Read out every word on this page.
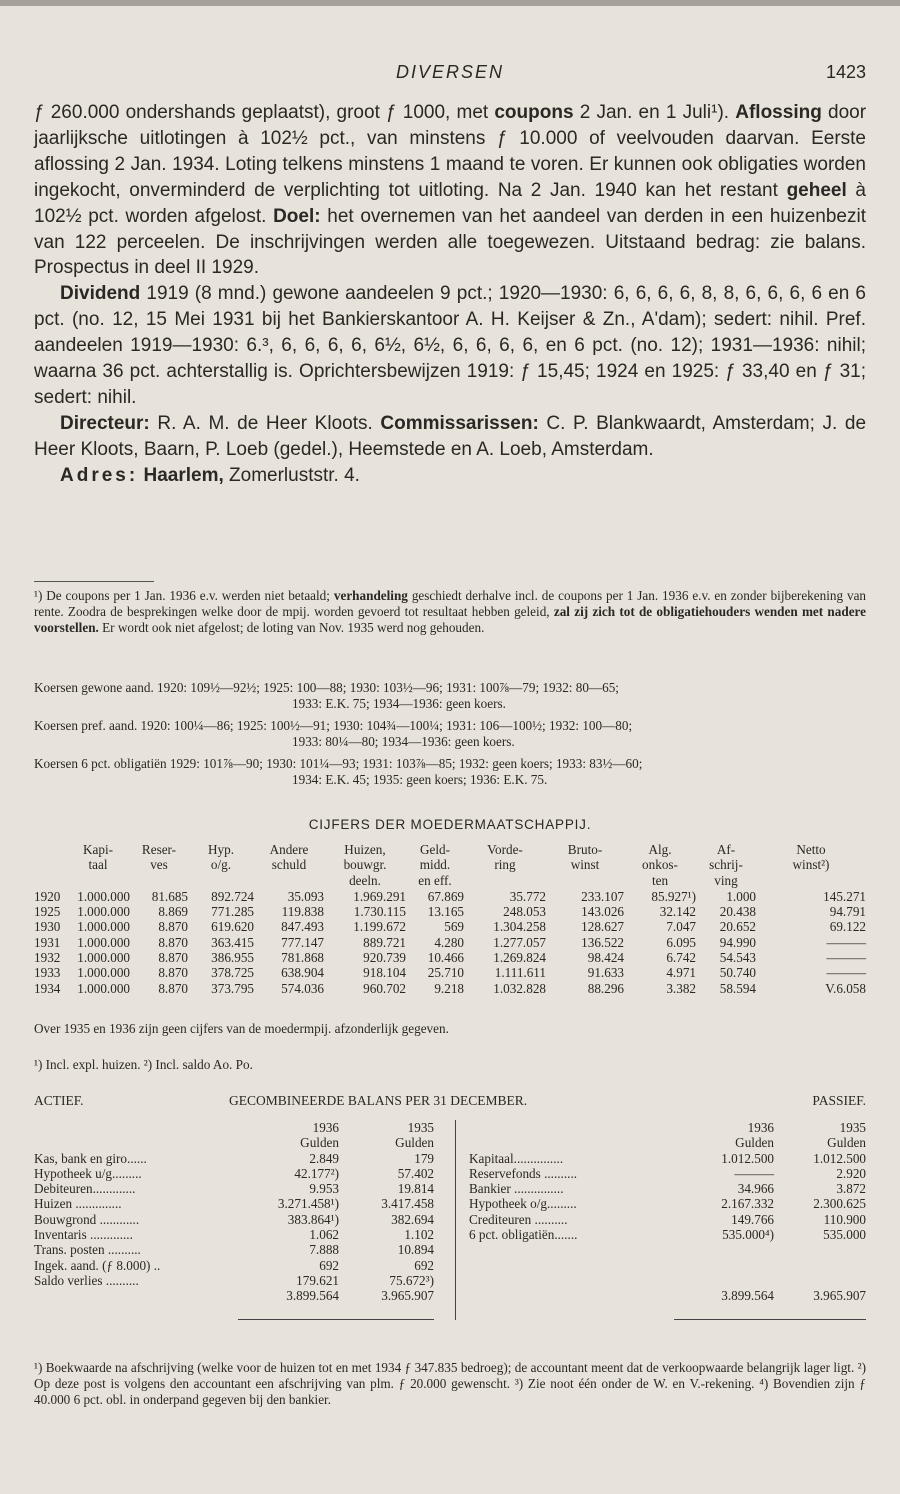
DIVERSEN	1423

ƒ 260.000 ondershands geplaatst), groot ƒ 1000, met coupons 2 Jan. en 1 Juli¹). Aflossing door jaarlijksche uitlotingen à 102½ pct., van minstens ƒ 10.000 of veelvouden daarvan. Eerste aflossing 2 Jan. 1934. Loting telkens minstens 1 maand te voren. Er kunnen ook obligaties worden ingekocht, onverminderd de verplichting tot uitloting. Na 2 Jan. 1940 kan het restant geheel à 102½ pct. worden afgelost. Doel: het overnemen van het aandeel van derden in een huizenbezit van 122 perceelen. De inschrijvingen werden alle toegewezen. Uitstaand bedrag: zie balans. Prospectus in deel II 1929.

Dividend 1919 (8 mnd.) gewone aandeelen 9 pct.; 1920—1930: 6, 6, 6, 6, 8, 8, 6, 6, 6, 6 en 6 pct. (no. 12, 15 Mei 1931 bij het Bankierskantoor A. H. Keijser & Zn., A'dam); sedert: nihil. Pref. aandeelen 1919—1930: 6.³, 6, 6, 6, 6, 6½, 6½, 6, 6, 6, 6, en 6 pct. (no. 12); 1931—1936: nihil; waarna 36 pct. achterstallig is. Oprichtersbewijzen 1919: ƒ 15,45; 1924 en 1925: ƒ 33,40 en ƒ 31; sedert: nihil.

Directeur: R. A. M. de Heer Kloots. Commissarissen: C. P. Blankwaardt, Amsterdam; J. de Heer Kloots, Baarn, P. Loeb (gedel.), Heemstede en A. Loeb, Amsterdam.

Adres: Haarlem, Zomerluststr. 4.

¹) De coupons per 1 Jan. 1936 e.v. werden niet betaald; verhandeling geschiedt derhalve incl. de coupons per 1 Jan. 1936 e.v. en zonder bijberekening van rente. Zoodra de besprekingen welke door de mpij. worden gevoerd tot resultaat hebben geleid, zal zij zich tot de obligatiehouders wenden met nadere voorstellen. Er wordt ook niet afgelost; de loting van Nov. 1935 werd nog gehouden.

Koersen gewone aand. 1920: 109½—92½; 1925: 100—88; 1930: 103½—96; 1931: 100⅞—79; 1932: 80—65;
1933: E.K. 75; 1934—1936: geen koers.

Koersen pref. aand. 1920: 100¼—86; 1925: 100½—91; 1930: 104¾—100¼; 1931: 106—100½; 1932: 100—80;
1933: 80¼—80; 1934—1936: geen koers.

Koersen 6 pct. obligatiën 1929: 101⅞—90; 1930: 101¼—93; 1931: 103⅞—85; 1932: geen koers; 1933: 83½—60;
1934: E.K. 45; 1935: geen koers; 1936: E.K. 75.

CIJFERS DER MOEDERMAATSCHAPPIJ.
	Kapi-	Reser-	Hyp.	Andere	Huizen,	Geld-	Vorde-	Bruto-	Alg.	Af-	Netto
	taal	ves	o/g.	schuld	bouwgr.	midd.	ring	winst	onkos-	schrij-	winst²)
					deeln.	en eff.			ten	ving	
1920	1.000.000	81.685	892.724	35.093	1.969.291	67.869	35.772	233.107	85.927¹)	1.000	145.271
1925	1.000.000	8.869	771.285	119.838	1.730.115	13.165	248.053	143.026	32.142	20.438	94.791
1930	1.000.000	8.870	619.620	847.493	1.199.672	569	1.304.258	128.627	7.047	20.652	69.122
1931	1.000.000	8.870	363.415	777.147	889.721	4.280	1.277.057	136.522	6.095	94.990	———
1932	1.000.000	8.870	386.955	781.868	920.739	10.466	1.269.824	98.424	6.742	54.543	———
1933	1.000.000	8.870	378.725	638.904	918.104	25.710	1.111.611	91.633	4.971	50.740	———
1934	1.000.000	8.870	373.795	574.036	960.702	9.218	1.032.828	88.296	3.382	58.594	V.6.058
Over 1935 en 1936 zijn geen cijfers van de moedermpij. afzonderlijk gegeven.
¹) Incl. expl. huizen. ²) Incl. saldo Ao. Po.
ACTIEF.	GECOMBINEERDE BALANS PER 31 DECEMBER.	PASSIEF.
	1936	1935			1936	1935
	Gulden	Gulden			Gulden	Gulden
Kas, bank en giro......	2.849	179		Kapitaal...............	1.012.500	1.012.500
Hypotheek u/g.........	42.177²)	57.402		Reservefonds ..........	———	2.920
Debiteuren.............	9.953	19.814		Bankier ...............	34.966	3.872
Huizen ..............	3.271.458¹)	3.417.458		Hypotheek o/g.........	2.167.332	2.300.625
Bouwgrond ............	383.864¹)	382.694		Crediteuren ..........	149.766	110.900
Inventaris .............	1.062	1.102		6 pct. obligatiën.......	535.000⁴)	535.000
Trans. posten ..........	7.888	10.894				
Ingek. aand. (ƒ 8.000) ..	692	692				
Saldo verlies ..........	179.621	75.672³)				

	3.899.564	3.965.907			3.899.564	3.965.907
¹) Boekwaarde na afschrijving (welke voor de huizen tot en met 1934 ƒ 347.835 bedroeg); de accountant meent dat de verkoopwaarde belangrijk lager ligt. ²) Op deze post is volgens den accountant een afschrijving van plm. ƒ 20.000 gewenscht. ³) Zie noot één onder de W. en V.-rekening. ⁴) Bovendien zijn ƒ 40.000 6 pct. obl. in onderpand gegeven bij den bankier.
